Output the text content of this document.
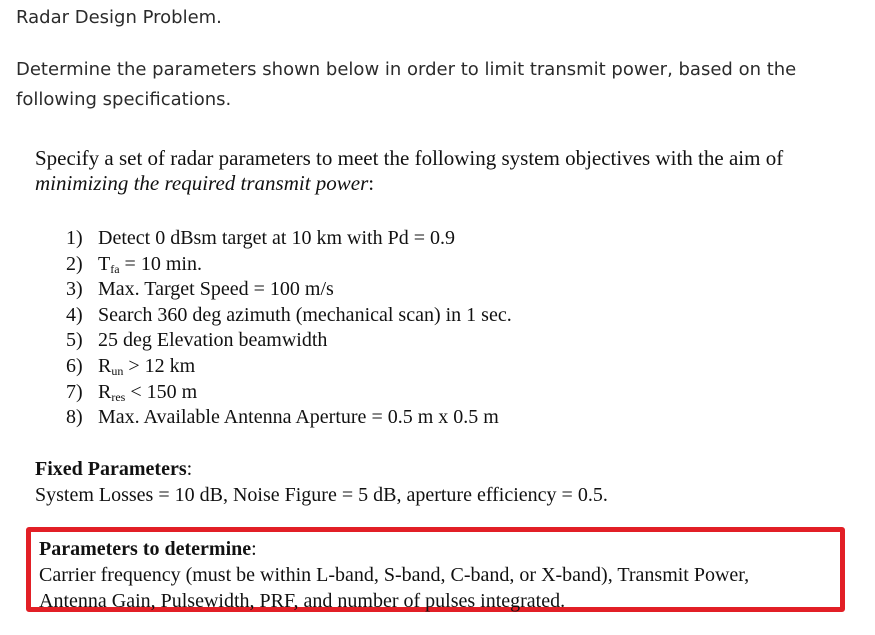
Radar Design Problem.

Determine the parameters shown below in order to limit transmit power, based on the following specifications.

Specify a set of radar parameters to meet the following system objectives with the aim of minimizing the required transmit power:

1) Detect 0 dBsm target at 10 km with Pd = 0.9
2) $T_{fa} = 10$ min.
3) Max. Target Speed = 100 m/s
4) Search 360 deg azimuth (mechanical scan) in 1 sec.
5) 25 deg Elevation beamwidth
6) $R_{un} > 12$ km
7) $R_{res} < 150$ m
8) Max. Available Antenna Aperture = 0.5 m x 0.5 m
Fixed Parameters:
System Losses = 10 dB, Noise Figure = 5 dB, aperture efficiency = 0.5.

Parameters to determine:

Carrier frequency (must be within L-band, S-band, C-band, or X-band), Transmit Power,

Antenna Gain, Pulsewidth, PRF, and number of pulses integrated.
